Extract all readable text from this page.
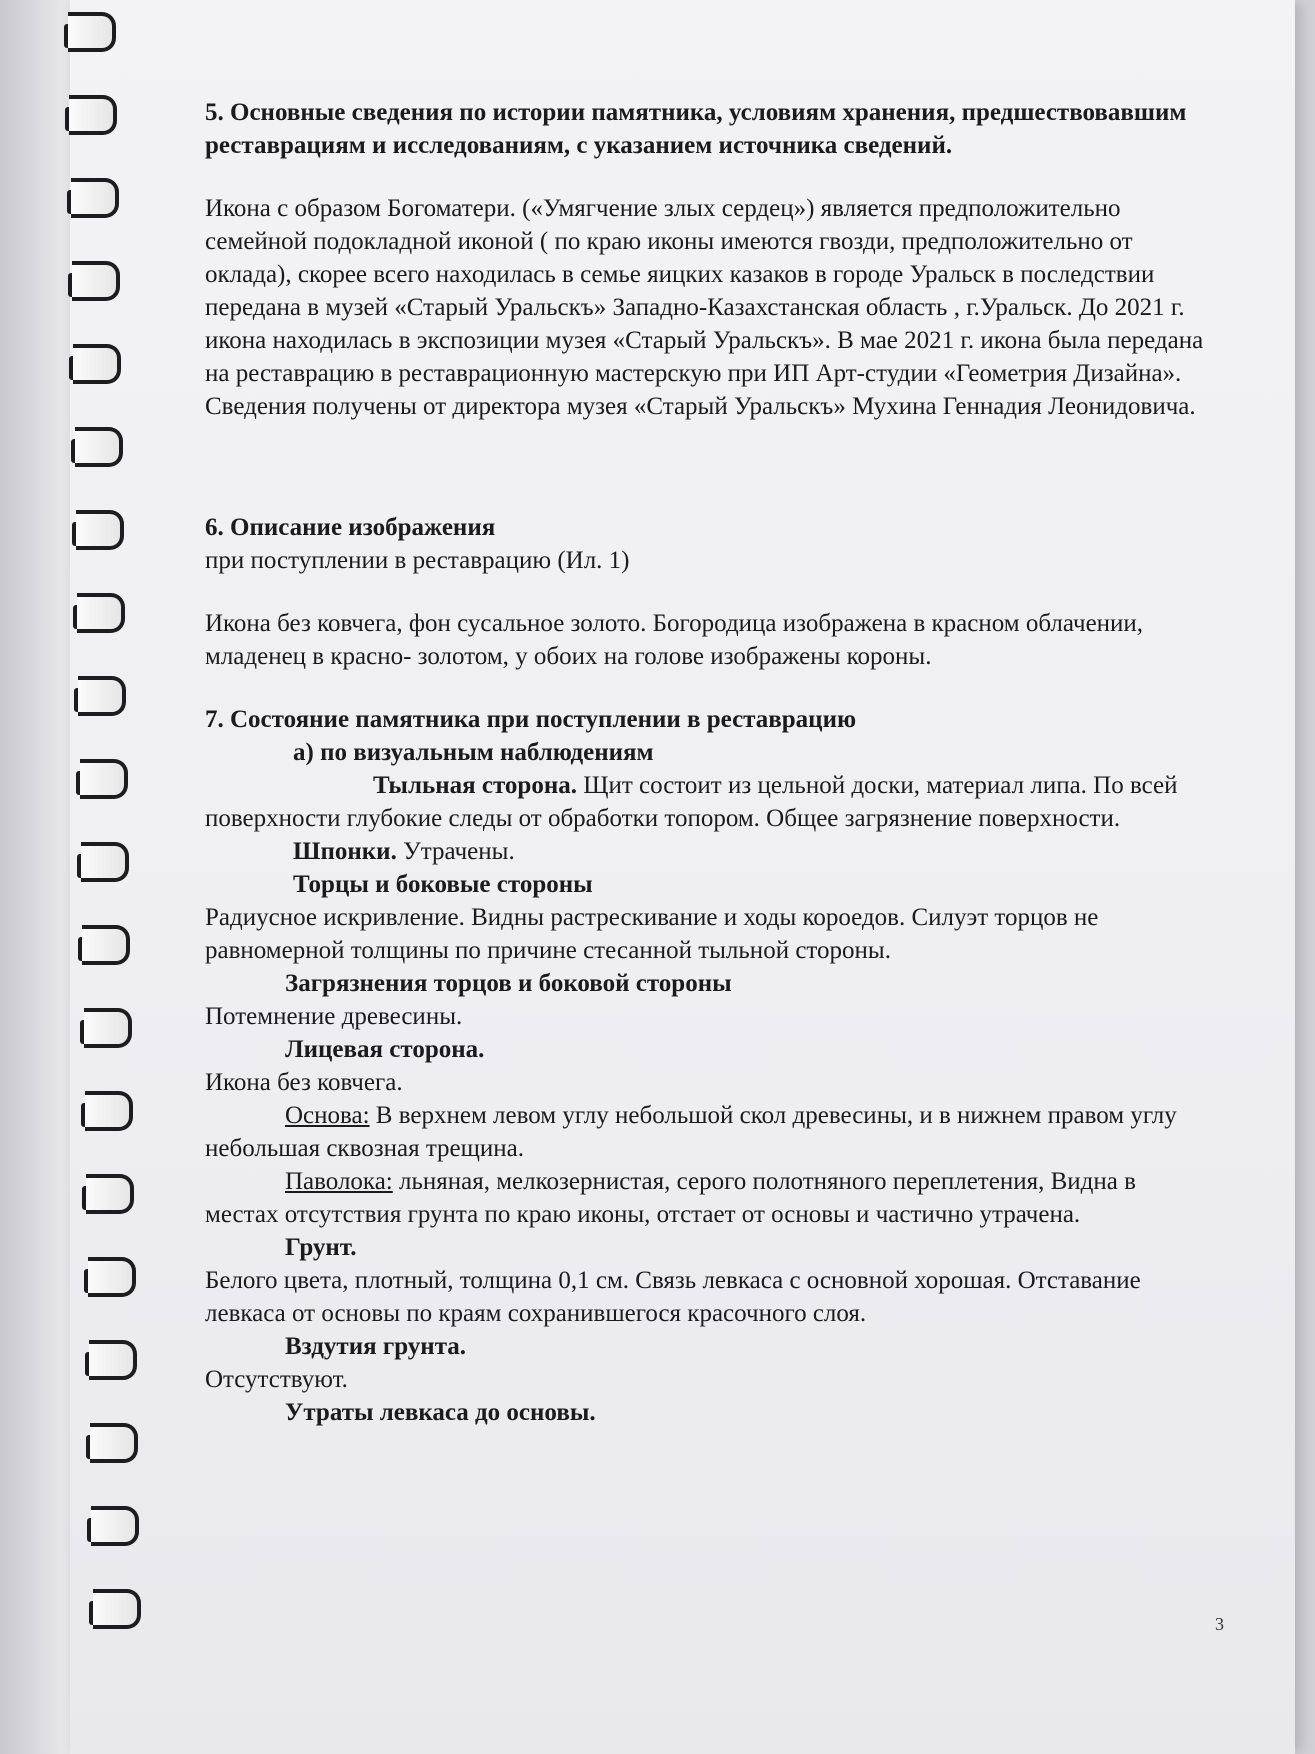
5. Основные сведения по истории памятника, условиям хранения, предшествовавшим реставрациям и исследованиям, с указанием источника сведений.

Икона с образом Богоматери. («Умягчение злых сердец») является предположительно семейной подокладной иконой ( по краю иконы имеются гвозди, предположительно от оклада), скорее всего находилась в семье яицких казаков в городе Уральск в последствии передана в музей «Старый Уральскъ» Западно-Казахстанская область , г.Уральск. До 2021 г. икона находилась в экспозиции музея «Старый Уральскъ». В мае 2021 г. икона была передана на реставрацию в реставрационную мастерскую при ИП Арт-студии «Геометрия Дизайна». Сведения получены от директора музея «Старый Уральскъ» Мухина Геннадия Леонидовича.

6. Описание изображения

при поступлении в реставрацию (Ил. 1)

Икона без ковчега, фон сусальное золото. Богородица изображена в красном облачении, младенец в красно- золотом, у обоих на голове изображены короны.

7. Состояние памятника при поступлении в реставрацию

а) по визуальным наблюдениям

Тыльная сторона. Щит состоит из цельной доски, материал липа. По всей поверхности глубокие следы от обработки топором. Общее загрязнение поверхности.

Шпонки. Утрачены.

Торцы и боковые стороны

Радиусное искривление. Видны растрескивание и ходы короедов. Силуэт торцов не равномерной толщины по причине стесанной тыльной стороны.

Загрязнения торцов и боковой стороны

Потемнение древесины.

Лицевая сторона.

Икона без ковчега.

Основа: В верхнем левом углу небольшой скол древесины, и в нижнем правом углу небольшая сквозная трещина.

Паволока: льняная, мелкозернистая, серого полотняного переплетения, Видна в местах отсутствия грунта по краю иконы, отстает от основы и частично утрачена.

Грунт.

Белого цвета, плотный, толщина 0,1 см. Связь левкаса с основной хорошая. Отставание левкаса от основы по краям сохранившегося красочного слоя.

Вздутия грунта.

Отсутствуют.

Утраты левкаса до основы.

3
